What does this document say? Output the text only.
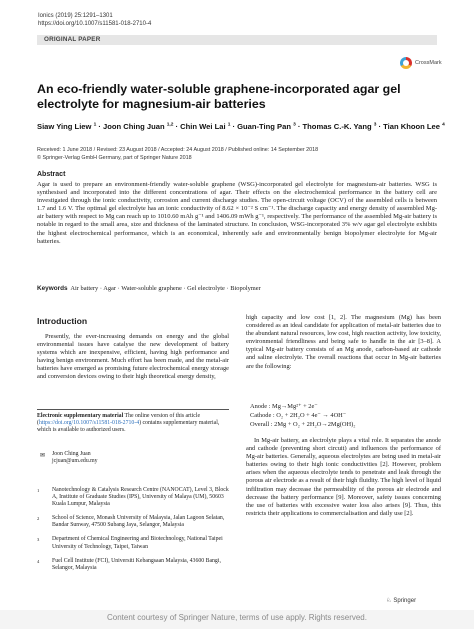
Ionics (2019) 25:1291–1301
https://doi.org/10.1007/s11581-018-2710-4
ORIGINAL PAPER
CrossMark
An eco-friendly water-soluble graphene-incorporated agar gel electrolyte for magnesium-air batteries
Siaw Ying Liew $^1$ · Joon Ching Juan $^{1,2}$ · Chin Wei Lai $^1$ · Guan-Ting Pan $^3$ · Thomas C.-K. Yang $^3$ · Tian Khoon Lee $^4$
Received: 1 June 2018 / Revised: 23 August 2018 / Accepted: 24 August 2018 / Published online: 14 September 2018
© Springer-Verlag GmbH Germany, part of Springer Nature 2018
Abstract

Agar is used to prepare an environment-friendly water-soluble graphene (WSG)-incorporated gel electrolyte for magnesium-air batteries. WSG is synthesised and incorporated into the different concentrations of agar. Their effects on the electrochemical performance in the battery cell are investigated through the ionic conductivity, corrosion and current discharge studies. The open-circuit voltage (OCV) of the assembled cells is between 1.7 and 1.6 V. The optimal gel electrolyte has an ionic conductivity of 8.62 × 10⁻² S cm⁻¹. The discharge capacity and energy density of assembled Mg-air battery with respect to Mg can reach up to 1010.60 mAh g⁻¹ and 1406.09 mWh g⁻¹, respectively. The performance of the assembled Mg-air battery is notable in regard to the small area, size and thickness of the laminated structure. In conclusion, WSG-incorporated 3% w/v agar gel electrolyte exhibits the highest electrochemical performance, which is an economical, inherently safe and environmentally benign biopolymer electrolyte for Mg-air batteries.

Keywords Air battery · Agar · Water-soluble graphene · Gel electrolyte · Biopolymer
Introduction

Presently, the ever-increasing demands on energy and the global environmental issues have catalyse the new development of battery systems which are inexpensive, efficient, having high performance and having benign environment. Much effort has been made, and the metal-air batteries have emerged as promising future electrochemical energy storage and conversion devices owing to their high theoretical energy density,

Electronic supplementary material The online version of this article (https://doi.org/10.1007/s11581-018-2710-4) contains supplementary material, which is available to authorized users.
✉ Joon Ching Juan
jcjuan@um.edu.my
1	Nanotechnology & Catalysis Research Centre (NANOCAT), Level 3, Block A, Institute of Graduate Studies (IPS), University of Malaya (UM), 50603 Kuala Lumpur, Malaysia
2	School of Science, Monash University of Malaysia, Jalan Lagoon Selatan, Bandar Sunway, 47500 Subang Jaya, Selangor, Malaysia
3	Department of Chemical Engineering and Biotechnology, National Taipei University of Technology, Taipei, Taiwan
4	Fuel Cell Institute (FCI), Universiti Kebangsaan Malaysia, 43600 Bangi, Selangor, Malaysia

high capacity and low cost [1, 2]. The magnesium (Mg) has been considered as an ideal candidate for application of metal-air batteries due to the abundant natural resources, low cost, high reaction activity, low toxicity, environmental friendliness and being safe to handle in the air [3–8]. A typical Mg-air battery consists of an Mg anode, carbon-based air cathode and saline electrolyte. The overall reactions that occur in Mg-air batteries are the following:

Anode : Mg→Mg²⁺ + 2e⁻
Cathode : O₂ + 2H₂O + 4e⁻ → 4OH⁻
Overall : 2Mg + O₂ + 2H₂O→2Mg(OH)₂

In Mg-air battery, an electrolyte plays a vital role. It separates the anode and cathode (preventing short circuit) and influences the performance of Mg-air batteries. Generally, aqueous electrolytes are being used in metal-air batteries owing to their high ionic conductivities [2]. However, problem arises when the aqueous electrolyte tends to penetrate and leak through the porous air electrode as a result of their high fluidity. The high level of liquid infiltration may decrease the permeability of the porous air electrode and decrease the battery performance [9]. Moreover, safety issues concerning the use of batteries with excessive water loss also arises [9]. Thus, this restricts their applications to commercialisation and daily use [2].

♘ Springer
Content courtesy of Springer Nature, terms of use apply. Rights reserved.
